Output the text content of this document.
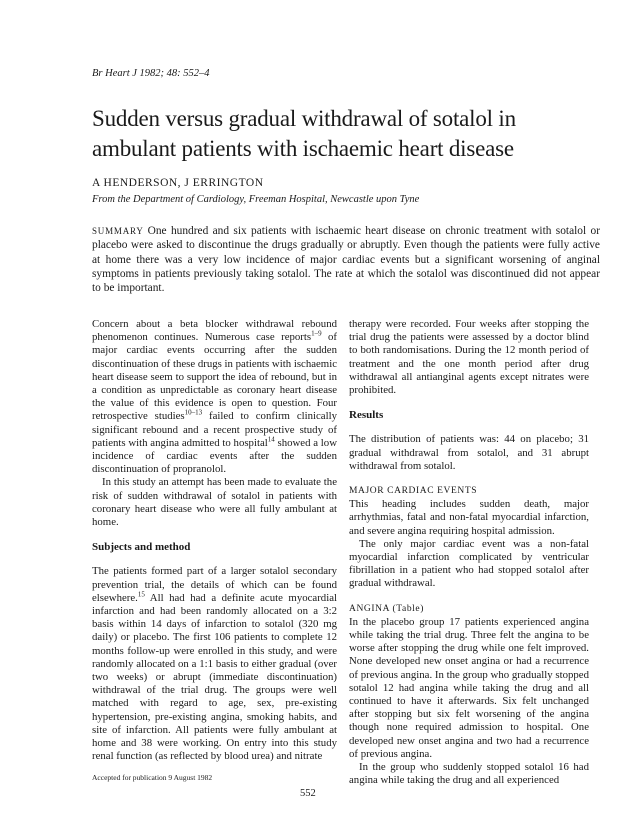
Br Heart J 1982; 48: 552–4
Sudden versus gradual withdrawal of sotalol in ambulant patients with ischaemic heart disease
A HENDERSON, J ERRINGTON
From the Department of Cardiology, Freeman Hospital, Newcastle upon Tyne
SUMMARY One hundred and six patients with ischaemic heart disease on chronic treatment with sotalol or placebo were asked to discontinue the drugs gradually or abruptly. Even though the patients were fully active at home there was a very low incidence of major cardiac events but a significant worsening of anginal symptoms in patients previously taking sotalol. The rate at which the sotalol was discontinued did not appear to be important.

Concern about a beta blocker withdrawal rebound phenomenon continues. Numerous case reports$^{1-9}$ of major cardiac events occurring after the sudden discontinuation of these drugs in patients with ischaemic heart disease seem to support the idea of rebound, but in a condition as unpredictable as coronary heart disease the value of this evidence is open to question. Four retrospective studies$^{10-13}$ failed to confirm clinically significant rebound and a recent prospective study of patients with angina admitted to hospital$^{14}$ showed a low incidence of cardiac events after the sudden discontinuation of propranolol.

In this study an attempt has been made to evaluate the risk of sudden withdrawal of sotalol in patients with coronary heart disease who were all fully ambulant at home.

Subjects and method

The patients formed part of a larger sotalol secondary prevention trial, the details of which can be found elsewhere.$^{15}$ All had had a definite acute myocardial infarction and had been randomly allocated on a 3:2 basis within 14 days of infarction to sotalol (320 mg daily) or placebo. The first 106 patients to complete 12 months follow-up were enrolled in this study, and were randomly allocated on a 1:1 basis to either gradual (over two weeks) or abrupt (immediate discontinuation) withdrawal of the trial drug. The groups were well matched with regard to age, sex, pre-existing hypertension, pre-existing angina, smoking habits, and site of infarction. All patients were fully ambulant at home and 38 were working. On entry into this study renal function (as reflected by blood urea) and nitrate

therapy were recorded. Four weeks after stopping the trial drug the patients were assessed by a doctor blind to both randomisations. During the 12 month period of treatment and the one month period after drug withdrawal all antianginal agents except nitrates were prohibited.

Results

The distribution of patients was: 44 on placebo; 31 gradual withdrawal from sotalol, and 31 abrupt withdrawal from sotalol.

MAJOR CARDIAC EVENTS

This heading includes sudden death, major arrhythmias, fatal and non-fatal myocardial infarction, and severe angina requiring hospital admission.

The only major cardiac event was a non-fatal myocardial infarction complicated by ventricular fibrillation in a patient who had stopped sotalol after gradual withdrawal.

ANGINA (Table)

In the placebo group 17 patients experienced angina while taking the trial drug. Three felt the angina to be worse after stopping the drug while one felt improved. None developed new onset angina or had a recurrence of previous angina. In the group who gradually stopped sotalol 12 had angina while taking the drug and all continued to have it afterwards. Six felt unchanged after stopping but six felt worsening of the angina though none required admission to hospital. One developed new onset angina and two had a recurrence of previous angina.

In the group who suddenly stopped sotalol 16 had angina while taking the drug and all experienced

Accepted for publication 9 August 1982
552
